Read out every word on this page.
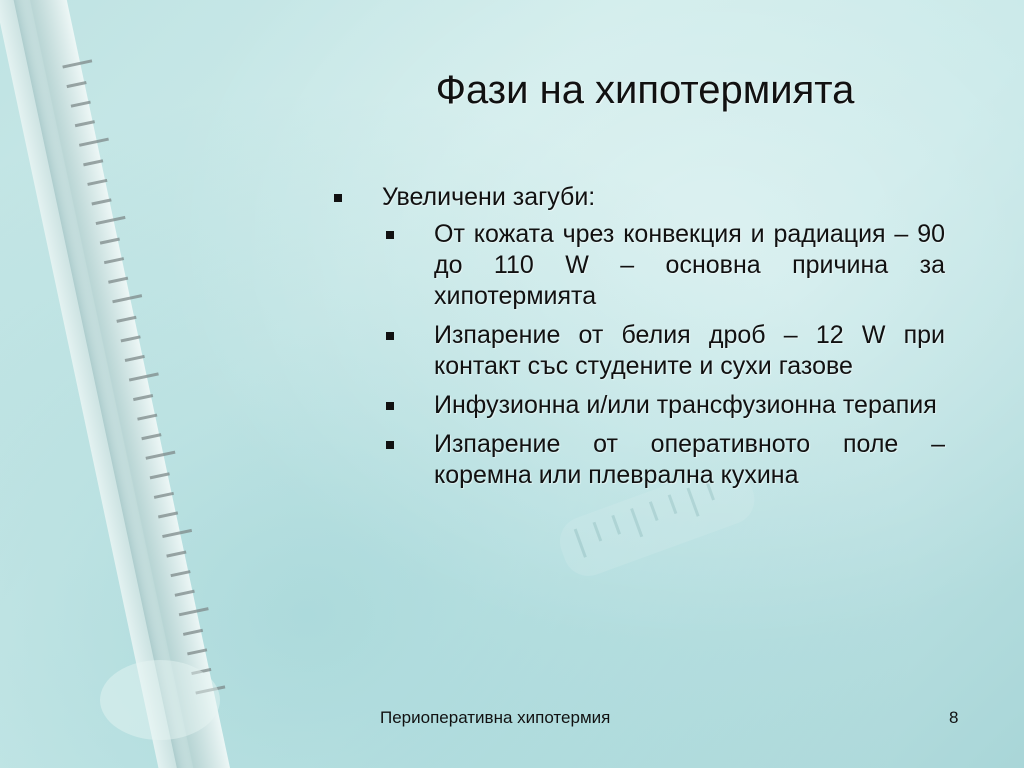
Фази на хипотермията
Увеличени загуби:
От кожата чрез конвекция и радиация – 90 до 110 W – основна причина за хипотермията
Изпарение от белия дроб – 12 W при контакт със студените и сухи газове
Инфузионна и/или трансфузионна терапия
Изпарение от оперативното поле – коремна или плеврална кухина
Периоперативна хипотермия	8
